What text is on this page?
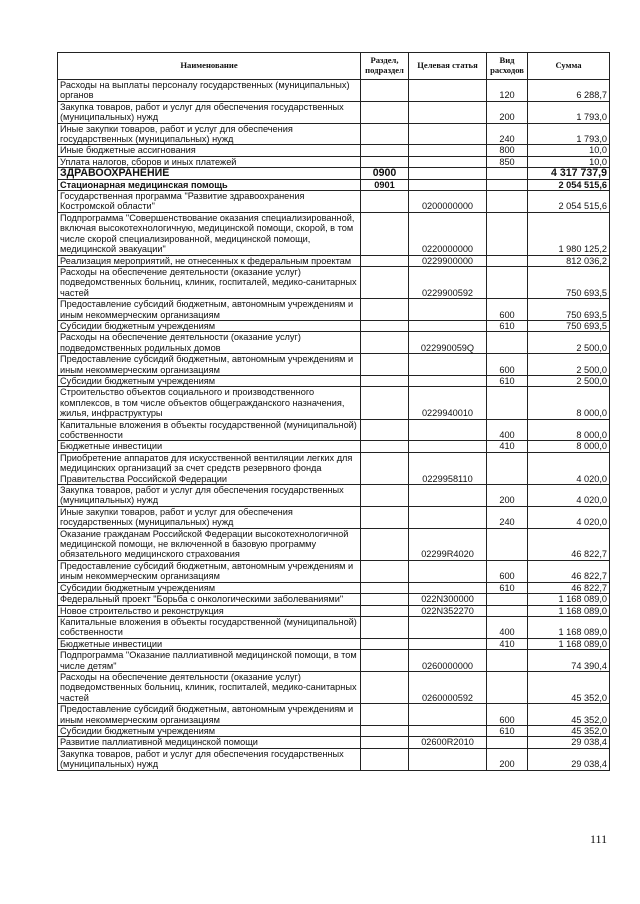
Наименование	Раздел, подраздел	Целевая статья	Вид расходов	Сумма
Расходы на выплаты персоналу государственных (муниципальных) органов			120	6 288,7
Закупка товаров, работ и услуг для обеспечения государственных (муниципальных) нужд			200	1 793,0
Иные закупки товаров, работ и услуг для обеспечения государственных (муниципальных) нужд			240	1 793,0
Иные бюджетные ассигнования			800	10,0
Уплата налогов, сборов и иных платежей			850	10,0
ЗДРАВООХРАНЕНИЕ	0900			4 317 737,9
Стационарная медицинская помощь	0901			2 054 515,6
Государственная программа "Развитие здравоохранения Костромской области"		0200000000		2 054 515,6
Подпрограмма "Совершенствование оказания специализированной, включая высокотехнологичную, медицинской помощи, скорой, в том числе скорой специализированной, медицинской помощи, медицинской эвакуации"		0220000000		1 980 125,2
Реализация мероприятий, не отнесенных к федеральным проектам		0229900000		812 036,2
Расходы на обеспечение деятельности (оказание услуг) подведомственных больниц, клиник, госпиталей, медико-санитарных частей		0229900592		750 693,5
Предоставление субсидий бюджетным, автономным учреждениям и иным некоммерческим организациям			600	750 693,5
Субсидии бюджетным учреждениям			610	750 693,5
Расходы на обеспечение деятельности (оказание услуг) подведомственных родильных домов		022990059Q		2 500,0
Предоставление субсидий бюджетным, автономным учреждениям и иным некоммерческим организациям			600	2 500,0
Субсидии бюджетным учреждениям			610	2 500,0
Строительство объектов социального и производственного комплексов, в том числе объектов общегражданского назначения, жилья, инфраструктуры		0229940010		8 000,0
Капитальные вложения в объекты государственной (муниципальной) собственности			400	8 000,0
Бюджетные инвестиции			410	8 000,0
Приобретение аппаратов для искусственной вентиляции легких для медицинских организаций за счет средств резервного фонда Правительства Российской Федерации		0229958110		4 020,0
Закупка товаров, работ и услуг для обеспечения государственных (муниципальных) нужд			200	4 020,0
Иные закупки товаров, работ и услуг для обеспечения государственных (муниципальных) нужд			240	4 020,0
Оказание гражданам Российской Федерации высокотехнологичной медицинской помощи, не включенной в базовую программу обязательного медицинского страхования		02299R4020		46 822,7
Предоставление субсидий бюджетным, автономным учреждениям и иным некоммерческим организациям			600	46 822,7
Субсидии бюджетным учреждениям			610	46 822,7
Федеральный проект "Борьба с онкологическими заболеваниями"		022N300000		1 168 089,0
Новое строительство и реконструкция		022N352270		1 168 089,0
Капитальные вложения в объекты государственной (муниципальной) собственности			400	1 168 089,0
Бюджетные инвестиции			410	1 168 089,0
Подпрограмма "Оказание паллиативной медицинской помощи, в том числе детям"		0260000000		74 390,4
Расходы на обеспечение деятельности (оказание услуг) подведомственных больниц, клиник, госпиталей, медико-санитарных частей		0260000592		45 352,0
Предоставление субсидий бюджетным, автономным учреждениям и иным некоммерческим организациям			600	45 352,0
Субсидии бюджетным учреждениям			610	45 352,0
Развитие паллиативной медицинской помощи		02600R2010		29 038,4
Закупка товаров, работ и услуг для обеспечения государственных (муниципальных) нужд			200	29 038,4
111
